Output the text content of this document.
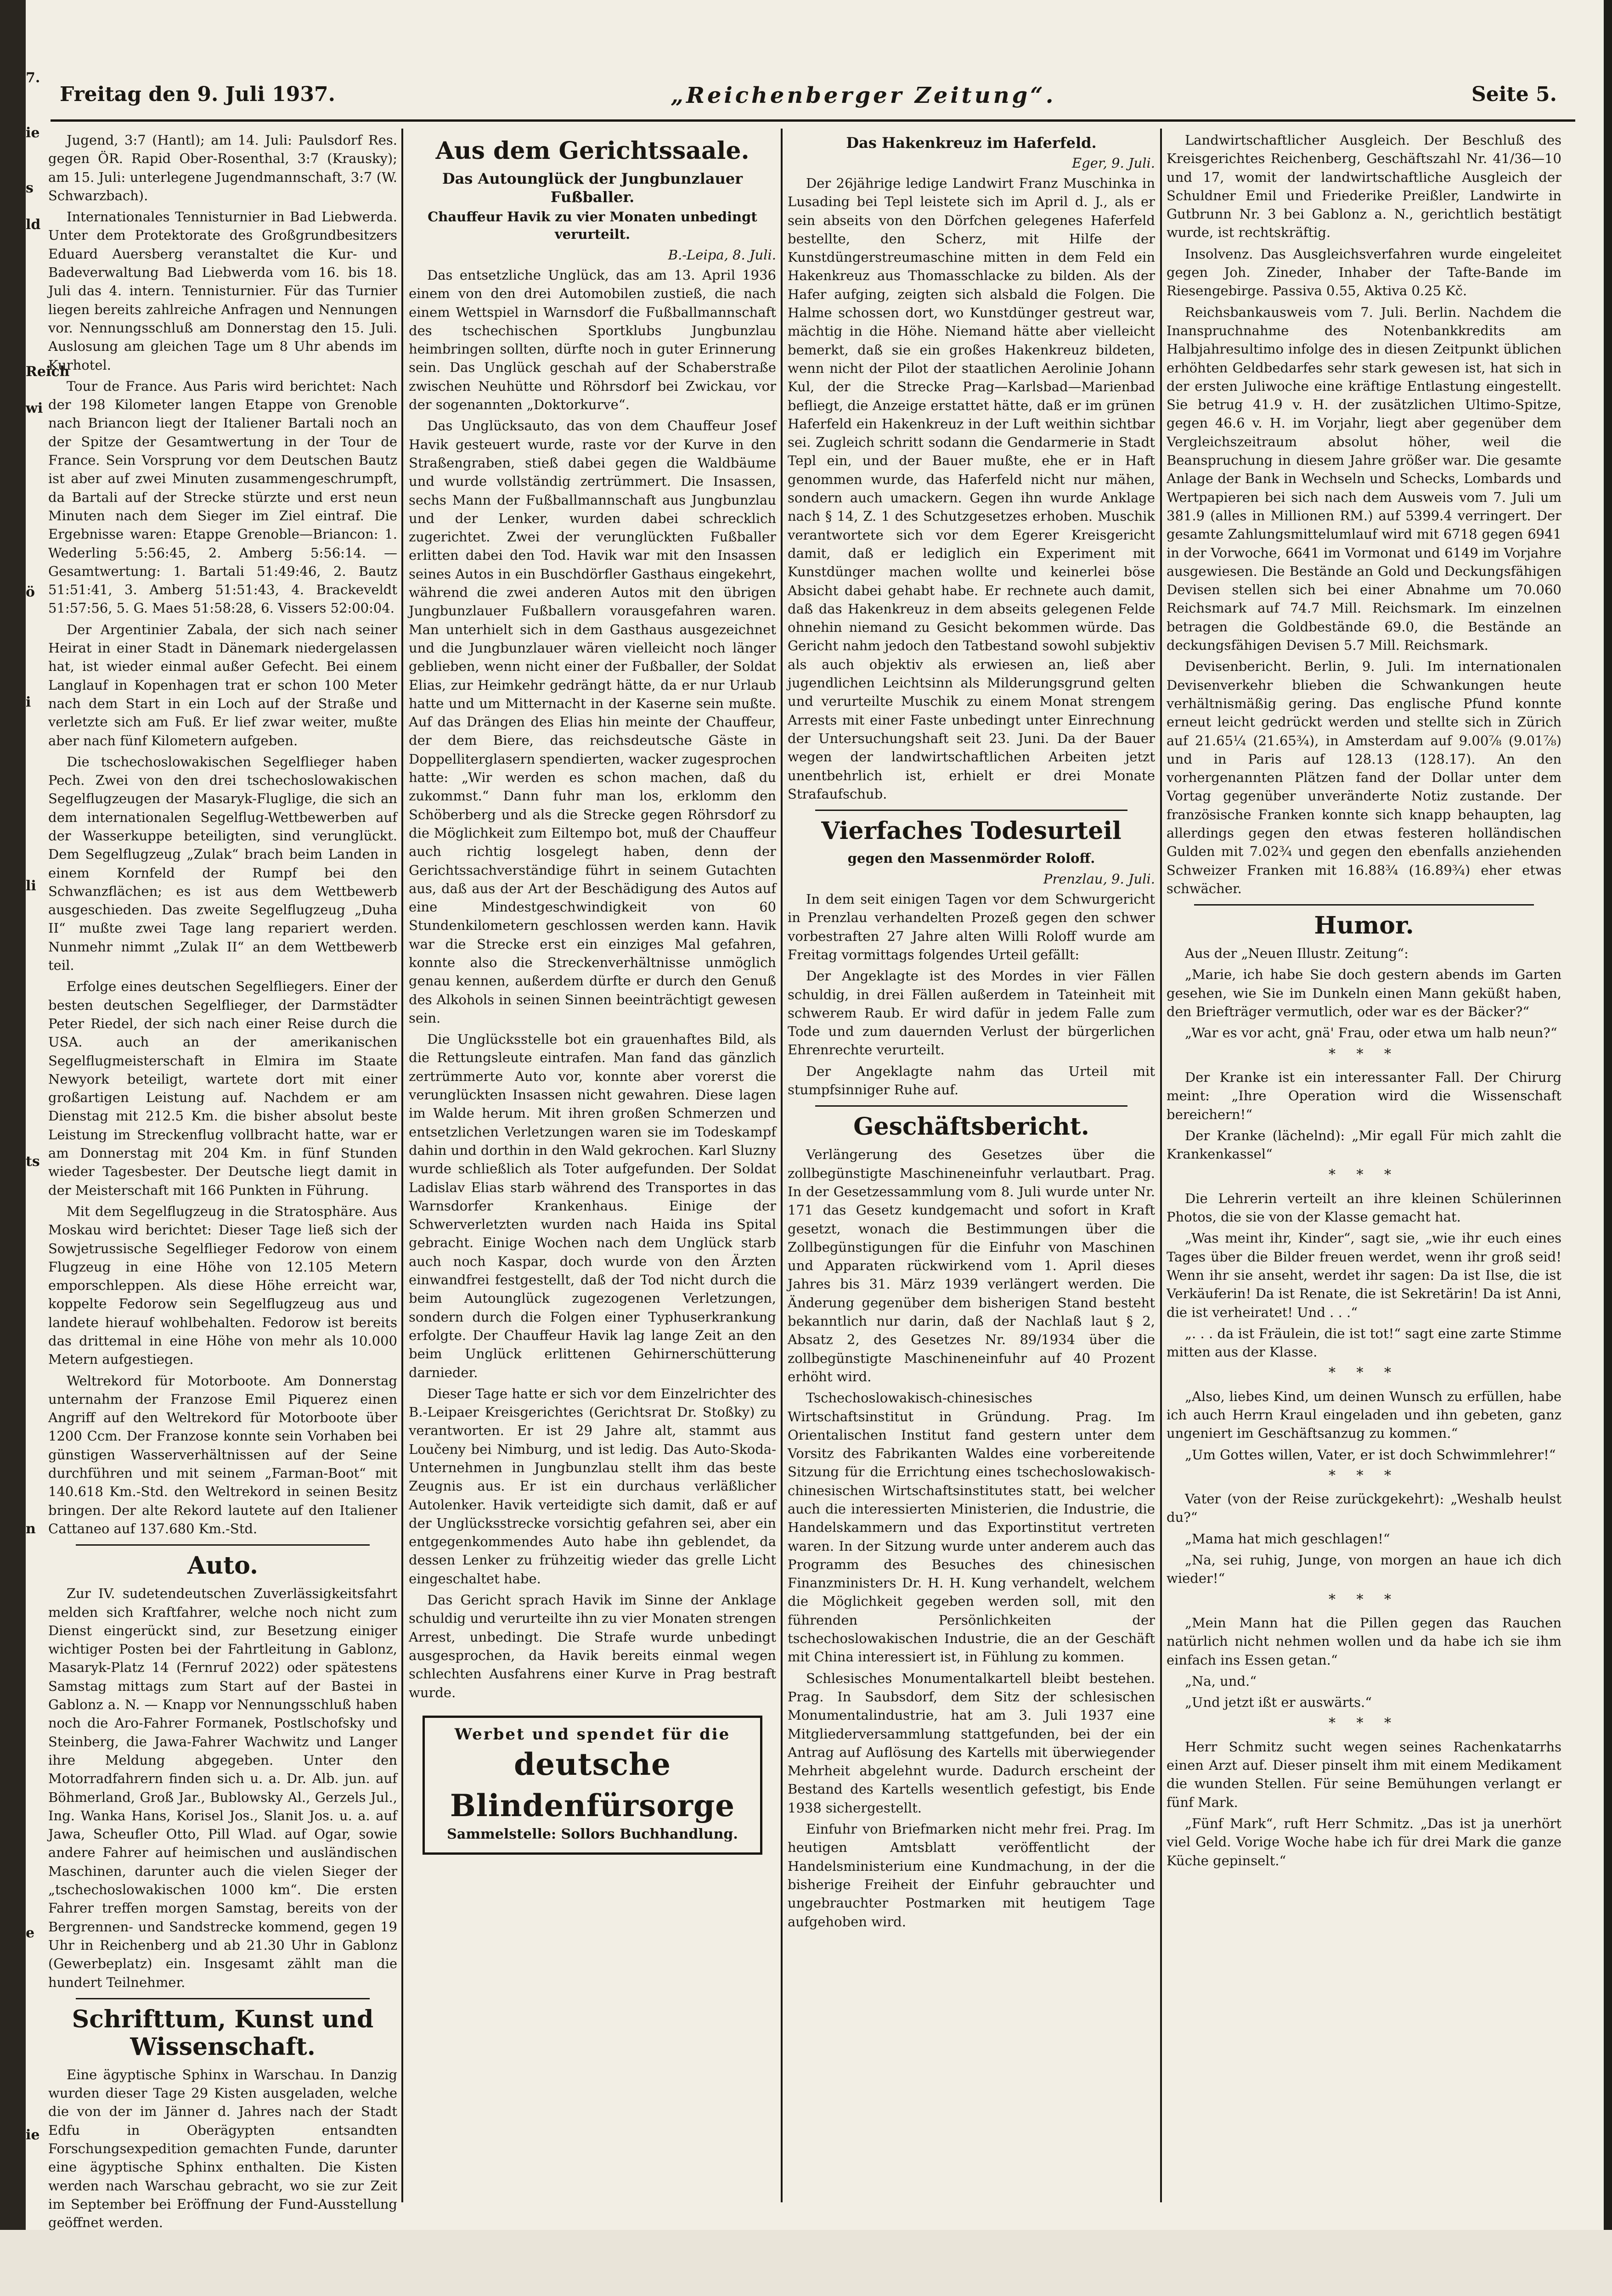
7.
ie
s
ld
Reich
wi
ö
i
li
ts
n
e
ie
Freitag den 9. Juli 1937.	„Reichenberger Zeitung“.	Seite 5.

Jugend, 3:7 (Hantl); am 14. Juli: Paulsdorf Res. gegen ÖR. Rapid Ober-Rosenthal, 3:7 (Krausky); am 15. Juli: unterlegene Jugendmannschaft, 3:7 (W. Schwarzbach).

Internationales Tennisturnier in Bad Liebwerda. Unter dem Protektorate des Großgrundbesitzers Eduard Auersberg veranstaltet die Kur- und Badeverwaltung Bad Liebwerda vom 16. bis 18. Juli das 4. intern. Tennisturnier. Für das Turnier liegen bereits zahlreiche Anfragen und Nennungen vor. Nennungsschluß am Donnerstag den 15. Juli. Auslosung am gleichen Tage um 8 Uhr abends im Kurhotel.

Tour de France. Aus Paris wird berichtet: Nach der 198 Kilometer langen Etappe von Grenoble nach Briancon liegt der Italiener Bartali noch an der Spitze der Gesamtwertung in der Tour de France. Sein Vorsprung vor dem Deutschen Bautz ist aber auf zwei Minuten zusammengeschrumpft, da Bartali auf der Strecke stürzte und erst neun Minuten nach dem Sieger im Ziel eintraf. Die Ergebnisse waren: Etappe Grenoble—Briancon: 1. Wederling 5:56:45, 2. Amberg 5:56:14. — Gesamtwertung: 1. Bartali 51:49:46, 2. Bautz 51:51:41, 3. Amberg 51:51:43, 4. Brackeveldt 51:57:56, 5. G. Maes 51:58:28, 6. Vissers 52:00:04.

Der Argentinier Zabala, der sich nach seiner Heirat in einer Stadt in Dänemark niedergelassen hat, ist wieder einmal außer Gefecht. Bei einem Langlauf in Kopenhagen trat er schon 100 Meter nach dem Start in ein Loch auf der Straße und verletzte sich am Fuß. Er lief zwar weiter, mußte aber nach fünf Kilometern aufgeben.

Die tschechoslowakischen Segelflieger haben Pech. Zwei von den drei tschechoslowakischen Segelflugzeugen der Masaryk-Fluglige, die sich an dem internationalen Segelflug-Wettbewerben auf der Wasserkuppe beteiligten, sind verunglückt. Dem Segelflugzeug „Zulak“ brach beim Landen in einem Kornfeld der Rumpf bei den Schwanzflächen; es ist aus dem Wettbewerb ausgeschieden. Das zweite Segelflugzeug „Duha II“ mußte zwei Tage lang repariert werden. Nunmehr nimmt „Zulak II“ an dem Wettbewerb teil.

Erfolge eines deutschen Segelfliegers. Einer der besten deutschen Segelflieger, der Darmstädter Peter Riedel, der sich nach einer Reise durch die USA. auch an der amerikanischen Segelflugmeisterschaft in Elmira im Staate Newyork beteiligt, wartete dort mit einer großartigen Leistung auf. Nachdem er am Dienstag mit 212.5 Km. die bisher absolut beste Leistung im Streckenflug vollbracht hatte, war er am Donnerstag mit 204 Km. in fünf Stunden wieder Tagesbester. Der Deutsche liegt damit in der Meisterschaft mit 166 Punkten in Führung.

Mit dem Segelflugzeug in die Stratosphäre. Aus Moskau wird berichtet: Dieser Tage ließ sich der Sowjetrussische Segelflieger Fedorow von einem Flugzeug in eine Höhe von 12.105 Metern emporschleppen. Als diese Höhe erreicht war, koppelte Fedorow sein Segelflugzeug aus und landete hierauf wohlbehalten. Fedorow ist bereits das drittemal in eine Höhe von mehr als 10.000 Metern aufgestiegen.

Weltrekord für Motorboote. Am Donnerstag unternahm der Franzose Emil Piquerez einen Angriff auf den Weltrekord für Motorboote über 1200 Ccm. Der Franzose konnte sein Vorhaben bei günstigen Wasserverhältnissen auf der Seine durchführen und mit seinem „Farman-Boot“ mit 140.618 Km.-Std. den Weltrekord in seinen Besitz bringen. Der alte Rekord lautete auf den Italiener Cattaneo auf 137.680 Km.-Std.

Auto.

Zur IV. sudetendeutschen Zuverlässigkeitsfahrt melden sich Kraftfahrer, welche noch nicht zum Dienst eingerückt sind, zur Besetzung einiger wichtiger Posten bei der Fahrtleitung in Gablonz, Masaryk-Platz 14 (Fernruf 2022) oder spätestens Samstag mittags zum Start auf der Bastei in Gablonz a. N. — Knapp vor Nennungsschluß haben noch die Aro-Fahrer Formanek, Postlschofsky und Steinberg, die Jawa-Fahrer Wachwitz und Langer ihre Meldung abgegeben. Unter den Motorradfahrern finden sich u. a. Dr. Alb. jun. auf Böhmerland, Groß Jar., Bublowsky Al., Gerzels Jul., Ing. Wanka Hans, Korisel Jos., Slanit Jos. u. a. auf Jawa, Scheufler Otto, Pill Wlad. auf Ogar, sowie andere Fahrer auf heimischen und ausländischen Maschinen, darunter auch die vielen Sieger der „tschechoslowakischen 1000 km“. Die ersten Fahrer treffen morgen Samstag, bereits von der Bergrennen- und Sandstrecke kommend, gegen 19 Uhr in Reichenberg und ab 21.30 Uhr in Gablonz (Gewerbeplatz) ein. Insgesamt zählt man die hundert Teilnehmer.

Schrifttum, Kunst und Wissenschaft.

Eine ägyptische Sphinx in Warschau. In Danzig wurden dieser Tage 29 Kisten ausgeladen, welche die von der im Jänner d. Jahres nach der Stadt Edfu in Oberägypten entsandten Forschungsexpedition gemachten Funde, darunter eine ägyptische Sphinx enthalten. Die Kisten werden nach Warschau gebracht, wo sie zur Zeit im September bei Eröffnung der Fund-Ausstellung geöffnet werden.

Aus dem Gerichtssaale.
Das Autounglück der Jungbunzlauer Fußballer.
Chauffeur Havik zu vier Monaten unbedingt verurteilt.

B.-Leipa, 8. Juli.

Das entsetzliche Unglück, das am 13. April 1936 einem von den drei Automobilen zustieß, die nach einem Wettspiel in Warnsdorf die Fußballmannschaft des tschechischen Sportklubs Jungbunzlau heimbringen sollten, dürfte noch in guter Erinnerung sein. Das Unglück geschah auf der Schaberstraße zwischen Neuhütte und Röhrsdorf bei Zwickau, vor der sogenannten „Doktorkurve“.

Das Unglücksauto, das von dem Chauffeur Josef Havik gesteuert wurde, raste vor der Kurve in den Straßengraben, stieß dabei gegen die Waldbäume und wurde vollständig zertrümmert. Die Insassen, sechs Mann der Fußballmannschaft aus Jungbunzlau und der Lenker, wurden dabei schrecklich zugerichtet. Zwei der verunglückten Fußballer erlitten dabei den Tod. Havik war mit den Insassen seines Autos in ein Buschdörfler Gasthaus eingekehrt, während die zwei anderen Autos mit den übrigen Jungbunzlauer Fußballern vorausgefahren waren. Man unterhielt sich in dem Gasthaus ausgezeichnet und die Jungbunzlauer wären vielleicht noch länger geblieben, wenn nicht einer der Fußballer, der Soldat Elias, zur Heimkehr gedrängt hätte, da er nur Urlaub hatte und um Mitternacht in der Kaserne sein mußte. Auf das Drängen des Elias hin meinte der Chauffeur, der dem Biere, das reichsdeutsche Gäste in Doppelliterglasern spendierten, wacker zugesprochen hatte: „Wir werden es schon machen, daß du zukommst.“ Dann fuhr man los, erklomm den Schöberberg und als die Strecke gegen Röhrsdorf zu die Möglichkeit zum Eiltempo bot, muß der Chauffeur auch richtig losgelegt haben, denn der Gerichtssachverständige führt in seinem Gutachten aus, daß aus der Art der Beschädigung des Autos auf eine Mindestgeschwindigkeit von 60 Stundenkilometern geschlossen werden kann. Havik war die Strecke erst ein einziges Mal gefahren, konnte also die Streckenverhältnisse unmöglich genau kennen, außerdem dürfte er durch den Genuß des Alkohols in seinen Sinnen beeinträchtigt gewesen sein.

Die Unglücksstelle bot ein grauenhaftes Bild, als die Rettungsleute eintrafen. Man fand das gänzlich zertrümmerte Auto vor, konnte aber vorerst die verunglückten Insassen nicht gewahren. Diese lagen im Walde herum. Mit ihren großen Schmerzen und entsetzlichen Verletzungen waren sie im Todeskampf dahin und dorthin in den Wald gekrochen. Karl Sluzny wurde schließlich als Toter aufgefunden. Der Soldat Ladislav Elias starb während des Transportes in das Warnsdorfer Krankenhaus. Einige der Schwerverletzten wurden nach Haida ins Spital gebracht. Einige Wochen nach dem Unglück starb auch noch Kaspar, doch wurde von den Ärzten einwandfrei festgestellt, daß der Tod nicht durch die beim Autounglück zugezogenen Verletzungen, sondern durch die Folgen einer Typhuserkrankung erfolgte. Der Chauffeur Havik lag lange Zeit an den beim Unglück erlittenen Gehirnerschütterung darnieder.

Dieser Tage hatte er sich vor dem Einzelrichter des B.-Leipaer Kreisgerichtes (Gerichtsrat Dr. Stoßky) zu verantworten. Er ist 29 Jahre alt, stammt aus Loučeny bei Nimburg, und ist ledig. Das Auto-Skoda-Unternehmen in Jungbunzlau stellt ihm das beste Zeugnis aus. Er ist ein durchaus verläßlicher Autolenker. Havik verteidigte sich damit, daß er auf der Unglücksstrecke vorsichtig gefahren sei, aber ein entgegenkommendes Auto habe ihn geblendet, da dessen Lenker zu frühzeitig wieder das grelle Licht eingeschaltet habe.

Das Gericht sprach Havik im Sinne der Anklage schuldig und verurteilte ihn zu vier Monaten strengen Arrest, unbedingt. Die Strafe wurde unbedingt ausgesprochen, da Havik bereits einmal wegen schlechten Ausfahrens einer Kurve in Prag bestraft wurde.

Werbet und spendet für die
deutsche Blindenfürsorge
Sammelstelle: Sollors Buchhandlung.
Das Hakenkreuz im Haferfeld.

Eger, 9. Juli.

Der 26jährige ledige Landwirt Franz Muschinka in Lusading bei Tepl leistete sich im April d. J., als er sein abseits von den Dörfchen gelegenes Haferfeld bestellte, den Scherz, mit Hilfe der Kunstdüngerstreumaschine mitten in dem Feld ein Hakenkreuz aus Thomasschlacke zu bilden. Als der Hafer aufging, zeigten sich alsbald die Folgen. Die Halme schossen dort, wo Kunstdünger gestreut war, mächtig in die Höhe. Niemand hätte aber vielleicht bemerkt, daß sie ein großes Hakenkreuz bildeten, wenn nicht der Pilot der staatlichen Aerolinie Johann Kul, der die Strecke Prag—Karlsbad—Marienbad befliegt, die Anzeige erstattet hätte, daß er im grünen Haferfeld ein Hakenkreuz in der Luft weithin sichtbar sei. Zugleich schritt sodann die Gendarmerie in Stadt Tepl ein, und der Bauer mußte, ehe er in Haft genommen wurde, das Haferfeld nicht nur mähen, sondern auch umackern. Gegen ihn wurde Anklage nach § 14, Z. 1 des Schutzgesetzes erhoben. Muschik verantwortete sich vor dem Egerer Kreisgericht damit, daß er lediglich ein Experiment mit Kunstdünger machen wollte und keinerlei böse Absicht dabei gehabt habe. Er rechnete auch damit, daß das Hakenkreuz in dem abseits gelegenen Felde ohnehin niemand zu Gesicht bekommen würde. Das Gericht nahm jedoch den Tatbestand sowohl subjektiv als auch objektiv als erwiesen an, ließ aber jugendlichen Leichtsinn als Milderungsgrund gelten und verurteilte Muschik zu einem Monat strengem Arrests mit einer Faste unbedingt unter Einrechnung der Untersuchungshaft seit 23. Juni. Da der Bauer wegen der landwirtschaftlichen Arbeiten jetzt unentbehrlich ist, erhielt er drei Monate Strafaufschub.

Vierfaches Todesurteil
gegen den Massenmörder Roloff.

Prenzlau, 9. Juli.

In dem seit einigen Tagen vor dem Schwurgericht in Prenzlau verhandelten Prozeß gegen den schwer vorbestraften 27 Jahre alten Willi Roloff wurde am Freitag vormittags folgendes Urteil gefällt:

Der Angeklagte ist des Mordes in vier Fällen schuldig, in drei Fällen außerdem in Tateinheit mit schwerem Raub. Er wird dafür in jedem Falle zum Tode und zum dauernden Verlust der bürgerlichen Ehrenrechte verurteilt.

Der Angeklagte nahm das Urteil mit stumpfsinniger Ruhe auf.

Geschäftsbericht.

Verlängerung des Gesetzes über die zollbegünstigte Maschineneinfuhr verlautbart. Prag. In der Gesetzessammlung vom 8. Juli wurde unter Nr. 171 das Gesetz kundgemacht und sofort in Kraft gesetzt, wonach die Bestimmungen über die Zollbegünstigungen für die Einfuhr von Maschinen und Apparaten rückwirkend vom 1. April dieses Jahres bis 31. März 1939 verlängert werden. Die Änderung gegenüber dem bisherigen Stand besteht bekanntlich nur darin, daß der Nachlaß laut § 2, Absatz 2, des Gesetzes Nr. 89/1934 über die zollbegünstigte Maschineneinfuhr auf 40 Prozent erhöht wird.

Tschechoslowakisch-chinesisches Wirtschaftsinstitut in Gründung. Prag. Im Orientalischen Institut fand gestern unter dem Vorsitz des Fabrikanten Waldes eine vorbereitende Sitzung für die Errichtung eines tschechoslowakisch-chinesischen Wirtschaftsinstitutes statt, bei welcher auch die interessierten Ministerien, die Industrie, die Handelskammern und das Exportinstitut vertreten waren. In der Sitzung wurde unter anderem auch das Programm des Besuches des chinesischen Finanzministers Dr. H. H. Kung verhandelt, welchem die Möglichkeit gegeben werden soll, mit den führenden Persönlichkeiten der tschechoslowakischen Industrie, die an der Geschäft mit China interessiert ist, in Fühlung zu kommen.

Schlesisches Monumentalkartell bleibt bestehen. Prag. In Saubsdorf, dem Sitz der schlesischen Monumentalindustrie, hat am 3. Juli 1937 eine Mitgliederversammlung stattgefunden, bei der ein Antrag auf Auflösung des Kartells mit überwiegender Mehrheit abgelehnt wurde. Dadurch erscheint der Bestand des Kartells wesentlich gefestigt, bis Ende 1938 sichergestellt.

Einfuhr von Briefmarken nicht mehr frei. Prag. Im heutigen Amtsblatt veröffentlicht der Handelsministerium eine Kundmachung, in der die bisherige Freiheit der Einfuhr gebrauchter und ungebrauchter Postmarken mit heutigem Tage aufgehoben wird.

Landwirtschaftlicher Ausgleich. Der Beschluß des Kreisgerichtes Reichenberg, Geschäftszahl Nr. 41/36—10 und 17, womit der landwirtschaftliche Ausgleich der Schuldner Emil und Friederike Preißler, Landwirte in Gutbrunn Nr. 3 bei Gablonz a. N., gerichtlich bestätigt wurde, ist rechtskräftig.

Insolvenz. Das Ausgleichsverfahren wurde eingeleitet gegen Joh. Zineder, Inhaber der Tafte-Bande im Riesengebirge. Passiva 0.55, Aktiva 0.25 Kč.

Reichsbankausweis vom 7. Juli. Berlin. Nachdem die Inanspruchnahme des Notenbankkredits am Halbjahresultimo infolge des in diesen Zeitpunkt üblichen erhöhten Geldbedarfes sehr stark gewesen ist, hat sich in der ersten Juliwoche eine kräftige Entlastung eingestellt. Sie betrug 41.9 v. H. der zusätzlichen Ultimo-Spitze, gegen 46.6 v. H. im Vorjahr, liegt aber gegenüber dem Vergleichszeitraum absolut höher, weil die Beanspruchung in diesem Jahre größer war. Die gesamte Anlage der Bank in Wechseln und Schecks, Lombards und Wertpapieren bei sich nach dem Ausweis vom 7. Juli um 381.9 (alles in Millionen RM.) auf 5399.4 verringert. Der gesamte Zahlungsmittelumlauf wird mit 6718 gegen 6941 in der Vorwoche, 6641 im Vormonat und 6149 im Vorjahre ausgewiesen. Die Bestände an Gold und Deckungsfähigen Devisen stellen sich bei einer Abnahme um 70.060 Reichsmark auf 74.7 Mill. Reichsmark. Im einzelnen betragen die Goldbestände 69.0, die Bestände an deckungsfähigen Devisen 5.7 Mill. Reichsmark.

Devisenbericht. Berlin, 9. Juli. Im internationalen Devisenverkehr blieben die Schwankungen heute verhältnismäßig gering. Das englische Pfund konnte erneut leicht gedrückt werden und stellte sich in Zürich auf 21.65¼ (21.65¾), in Amsterdam auf 9.00⅞ (9.01⅞) und in Paris auf 128.13 (128.17). An den vorhergenannten Plätzen fand der Dollar unter dem Vortag gegenüber unveränderte Notiz zustande. Der französische Franken konnte sich knapp behaupten, lag allerdings gegen den etwas festeren holländischen Gulden mit 7.02¾ und gegen den ebenfalls anziehenden Schweizer Franken mit 16.88¾ (16.89¾) eher etwas schwächer.

Humor.

Aus der „Neuen Illustr. Zeitung“:

„Marie, ich habe Sie doch gestern abends im Garten gesehen, wie Sie im Dunkeln einen Mann geküßt haben, den Briefträger vermutlich, oder war es der Bäcker?“

„War es vor acht, gnä' Frau, oder etwa um halb neun?“

* * *

Der Kranke ist ein interessanter Fall. Der Chirurg meint: „Ihre Operation wird die Wissenschaft bereichern!“

Der Kranke (lächelnd): „Mir egall Für mich zahlt die Krankenkassel“

* * *

Die Lehrerin verteilt an ihre kleinen Schülerinnen Photos, die sie von der Klasse gemacht hat.

„Was meint ihr, Kinder“, sagt sie, „wie ihr euch eines Tages über die Bilder freuen werdet, wenn ihr groß seid! Wenn ihr sie anseht, werdet ihr sagen: Da ist Ilse, die ist Verkäuferin! Da ist Renate, die ist Sekretärin! Da ist Anni, die ist verheiratet! Und . . .“

„. . . da ist Fräulein, die ist tot!“ sagt eine zarte Stimme mitten aus der Klasse.

* * *

„Also, liebes Kind, um deinen Wunsch zu erfüllen, habe ich auch Herrn Kraul eingeladen und ihn gebeten, ganz ungeniert im Geschäftsanzug zu kommen.“

„Um Gottes willen, Vater, er ist doch Schwimmlehrer!“

* * *

Vater (von der Reise zurückgekehrt): „Weshalb heulst du?“

„Mama hat mich geschlagen!“

„Na, sei ruhig, Junge, von morgen an haue ich dich wieder!“

* * *

„Mein Mann hat die Pillen gegen das Rauchen natürlich nicht nehmen wollen und da habe ich sie ihm einfach ins Essen getan.“

„Na, und.“

„Und jetzt ißt er auswärts.“

* * *

Herr Schmitz sucht wegen seines Rachenkatarrhs einen Arzt auf. Dieser pinselt ihm mit einem Medikament die wunden Stellen. Für seine Bemühungen verlangt er fünf Mark.

„Fünf Mark“, ruft Herr Schmitz. „Das ist ja unerhört viel Geld. Vorige Woche habe ich für drei Mark die ganze Küche gepinselt.“
